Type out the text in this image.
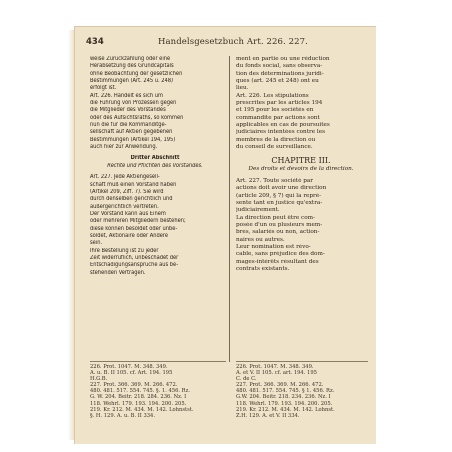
434	Handelsgesetzbuch Art. 226. 227.
weise Zurückzahlung oder eine
Herabsetzung des Grundcapitals
ohne Beobachtung der gesetzlichen
Bestimmungen (Art. 245 u. 248)
erfolgt ist.
Art. 226. Handelt es sich um
die Führung von Prozessen gegen
die Mitglieder des Vorstandes
oder des Aufsichtsraths, so kommen
nun die für die Kommanditge-
sellschaft auf Aktien gegebenen
Bestimmungen (Artikel 194, 195)
auch hier zur Anwendung.
Dritter Abschnitt
Rechte und Pflichten des Vorstandes.
Art. 227. Jede Aktiengesell-
schaft muß einen Vorstand haben
(Artikel 209, Ziff. 7). Sie wird
durch denselben gerichtlich und
außergerichtlich vertreten.
Der Vorstand kann aus Einem
oder mehreren Mitgliedern bestehen;
diese können besoldet oder unbe-
soldet, Aktionaire oder Andere
sein.
Ihre Bestellung ist zu jeder
Zeit widerruflich, unbeschadet der
Entschädigungsansprüche aus be-
stehenden Verträgen.
ment en partie ou une réduction
du fonds social, sans observa-
tion des déterminations juridi-
ques (art. 245 et 248) ont eu
lieu.
Art. 226. Les stipulations
prescrites par les articles 194
et 195 pour les sociétés en
commandite par actions sont
applicables en cas de poursuites
judiciaires intentées contre les
membres de la direction ou
du conseil de surveillance.
CHAPITRE III.
Des droits et devoirs de la direction.
Art. 227. Toute société par
actions doit avoir une direction
(article 209, § 7) qui la repré-
sente tant en justice qu'extra-
judiciairement.
La direction peut être com-
posée d'un ou plusieurs mem-
bres, salariés ou non, action-
naires ou autres.
Leur nomination est révo-
cable, sans préjudice des dom-
mages-intérêts résultant des
contrats existants.
226. Prot. 1047. M. 348. 349.
A. u. B. II 105. cf. Art. 194. 195
H.G.B.
227. Prot. 366. 369. M. 266. 472.
480. 481. 517. 554. 745. §. 1. 456. Rz.
G. W. 204. Beitr. 218. 284. 236. Nz. I
118. Wehrl. 179. 193. 194. 200. 205.
219. Kr. 212. M. 434. M. 142. Lohnstst.
§. H. 129. A. u. B. II 334.
226. Prot. 1047. M. 348. 349.
A. et V. II 105. cf. art. 194. 195
C. de C.
227. Prot. 366. 369. M. 266. 472.
480. 481. 517. 554. 745. § 1. 456. Rz.
G.W. 204. Beitr. 218. 234. 236. Nz. I
118. Wehrl. 179. 193. 194. 200. 205.
219. Kr. 212. M. 434. M. 142. Lohnst.
Z.H. 129. A. et V. II 334.
